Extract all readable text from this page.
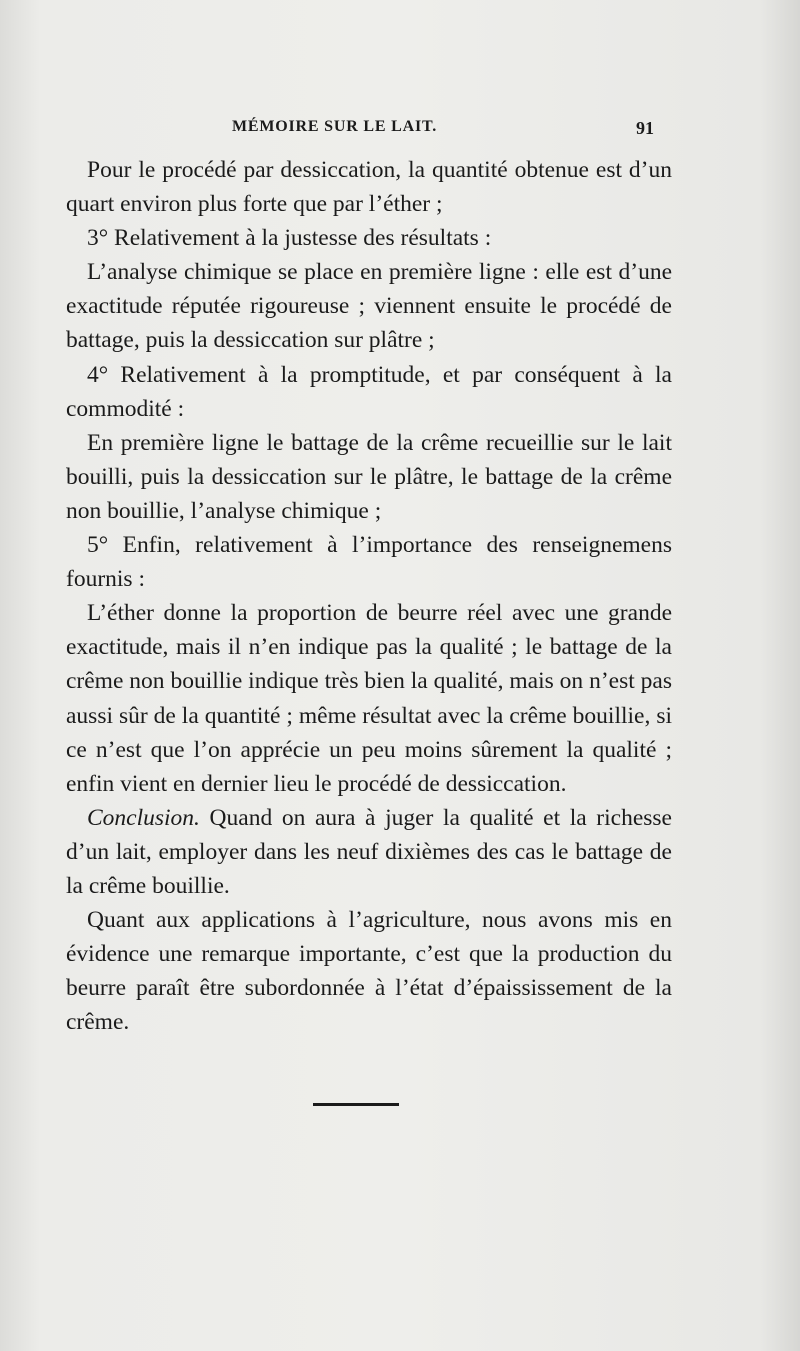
MÉMOIRE SUR LE LAIT.	91

Pour le procédé par dessiccation, la quantité obtenue est d’un quart environ plus forte que par l’éther ;

3° Relativement à la justesse des résultats :

L’analyse chimique se place en première ligne : elle est d’une exactitude réputée rigoureuse ; viennent ensuite le procédé de battage, puis la dessiccation sur plâtre ;

4° Relativement à la promptitude, et par conséquent à la commodité :

En première ligne le battage de la crême recueillie sur le lait bouilli, puis la dessiccation sur le plâtre, le battage de la crême non bouillie, l’analyse chimique ;

5° Enfin, relativement à l’importance des renseignemens fournis :

L’éther donne la proportion de beurre réel avec une grande exactitude, mais il n’en indique pas la qualité ; le battage de la crême non bouillie indique très bien la qualité, mais on n’est pas aussi sûr de la quantité ; même résultat avec la crême bouillie, si ce n’est que l’on apprécie un peu moins sûrement la qualité ; enfin vient en dernier lieu le procédé de dessiccation.

Conclusion. Quand on aura à juger la qualité et la richesse d’un lait, employer dans les neuf dixièmes des cas le battage de la crême bouillie.

Quant aux applications à l’agriculture, nous avons mis en évidence une remarque importante, c’est que la production du beurre paraît être subordonnée à l’état d’épaississement de la crême.
